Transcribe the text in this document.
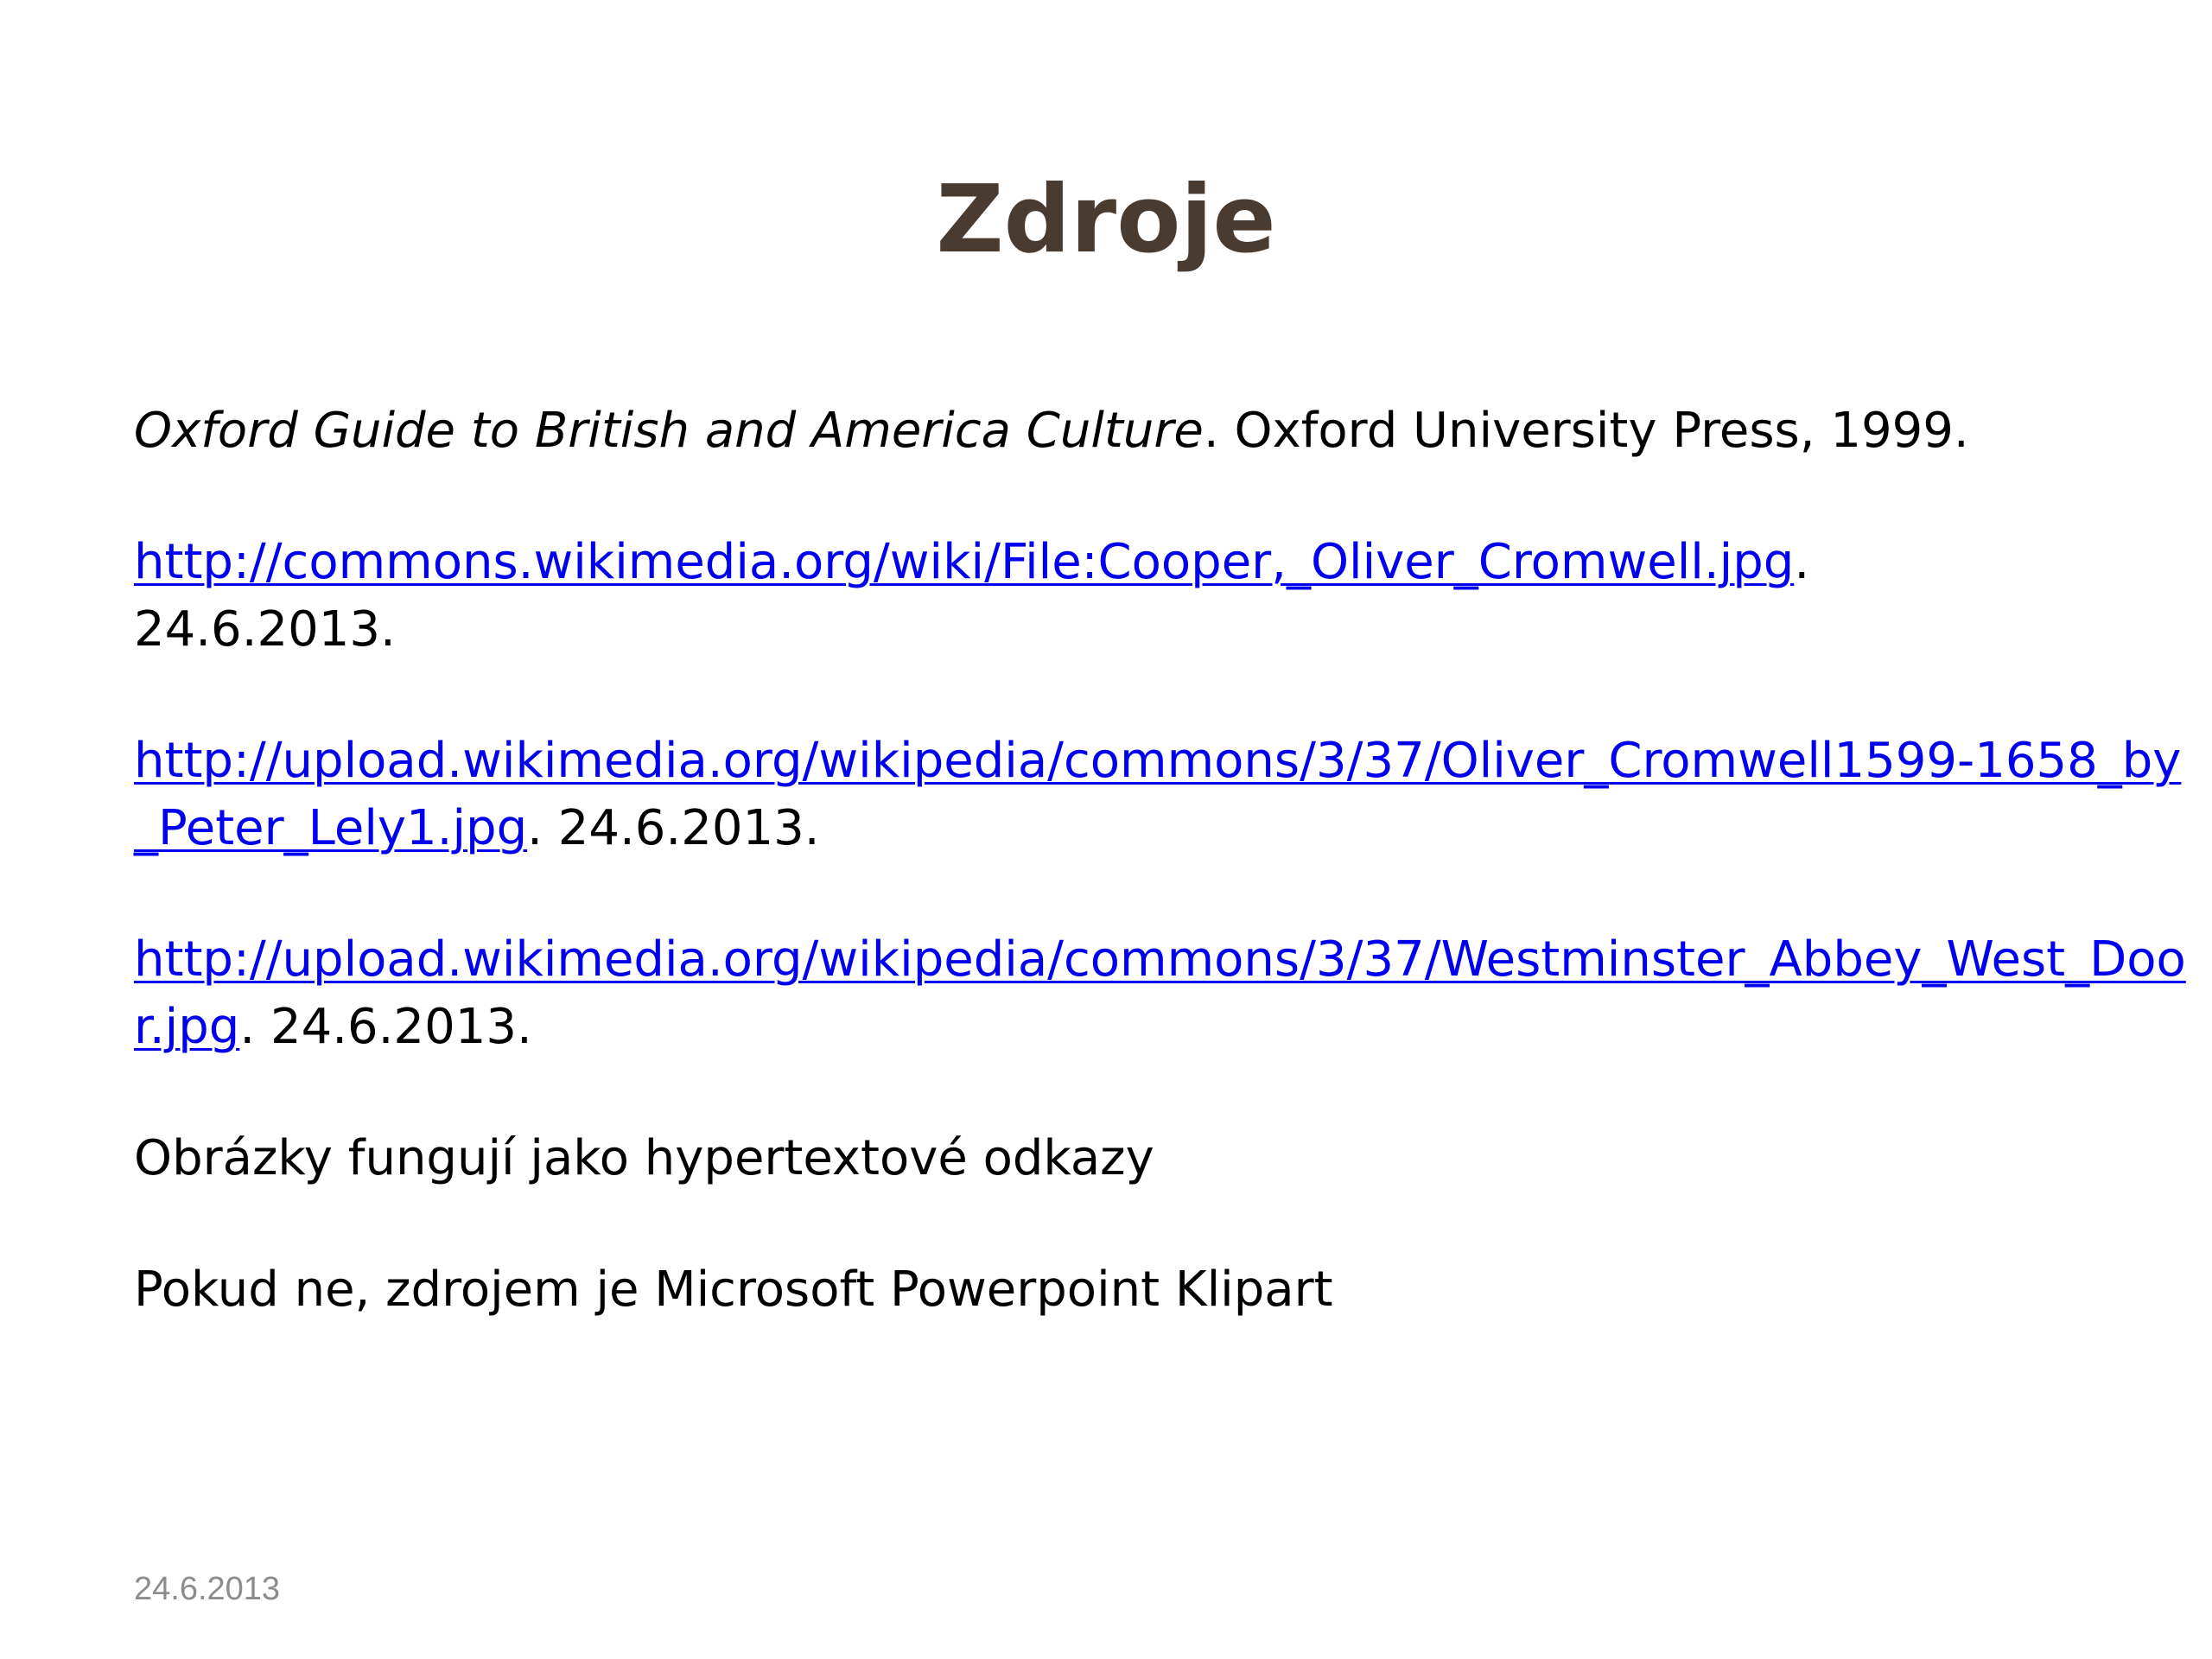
Zdroje

Oxford Guide to British and America Culture. Oxford University Press, 1999.

http://commons.wikimedia.org/wiki/File:Cooper,_Oliver_Cromwell.jpg.
24.6.2013.

http://upload.wikimedia.org/wikipedia/commons/3/37/Oliver_Cromwell1599-1658_by_Peter_Lely1.jpg. 24.6.2013.

http://upload.wikimedia.org/wikipedia/commons/3/37/Westminster_Abbey_West_Door.jpg. 24.6.2013.

Obrázky fungují jako hypertextové odkazy

Pokud ne, zdrojem je Microsoft Powerpoint Klipart

24.6.2013
